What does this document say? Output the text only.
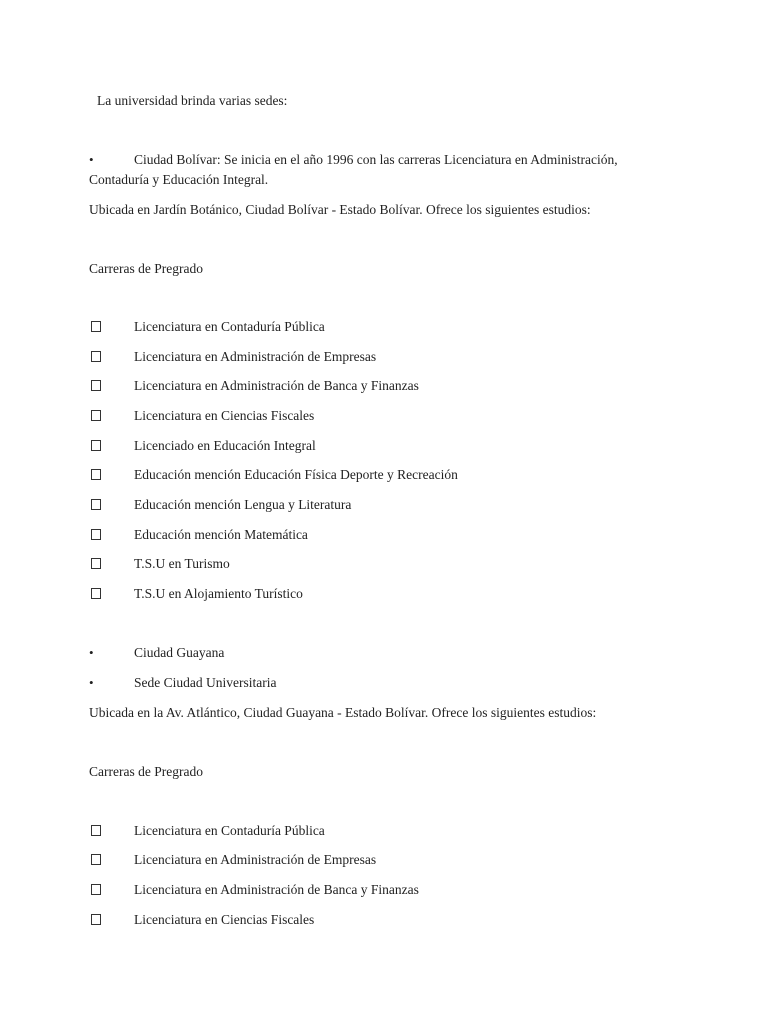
La universidad brinda varias sedes:
•	Ciudad Bolívar: Se inicia en el año 1996 con las carreras Licenciatura en Administración,
Contaduría y Educación Integral.
Ubicada en Jardín Botánico, Ciudad Bolívar - Estado Bolívar. Ofrece los siguientes estudios:
Carreras de Pregrado
Licenciatura en Contaduría Pública
Licenciatura en Administración de Empresas
Licenciatura en Administración de Banca y Finanzas
Licenciatura en Ciencias Fiscales
Licenciado en Educación Integral
Educación mención Educación Física Deporte y Recreación
Educación mención Lengua y Literatura
Educación mención Matemática
T.S.U en Turismo
T.S.U en Alojamiento Turístico
•	Ciudad Guayana
•	Sede Ciudad Universitaria
Ubicada en la Av. Atlántico, Ciudad Guayana - Estado Bolívar. Ofrece los siguientes estudios:
Carreras de Pregrado
Licenciatura en Contaduría Pública
Licenciatura en Administración de Empresas
Licenciatura en Administración de Banca y Finanzas
Licenciatura en Ciencias Fiscales
